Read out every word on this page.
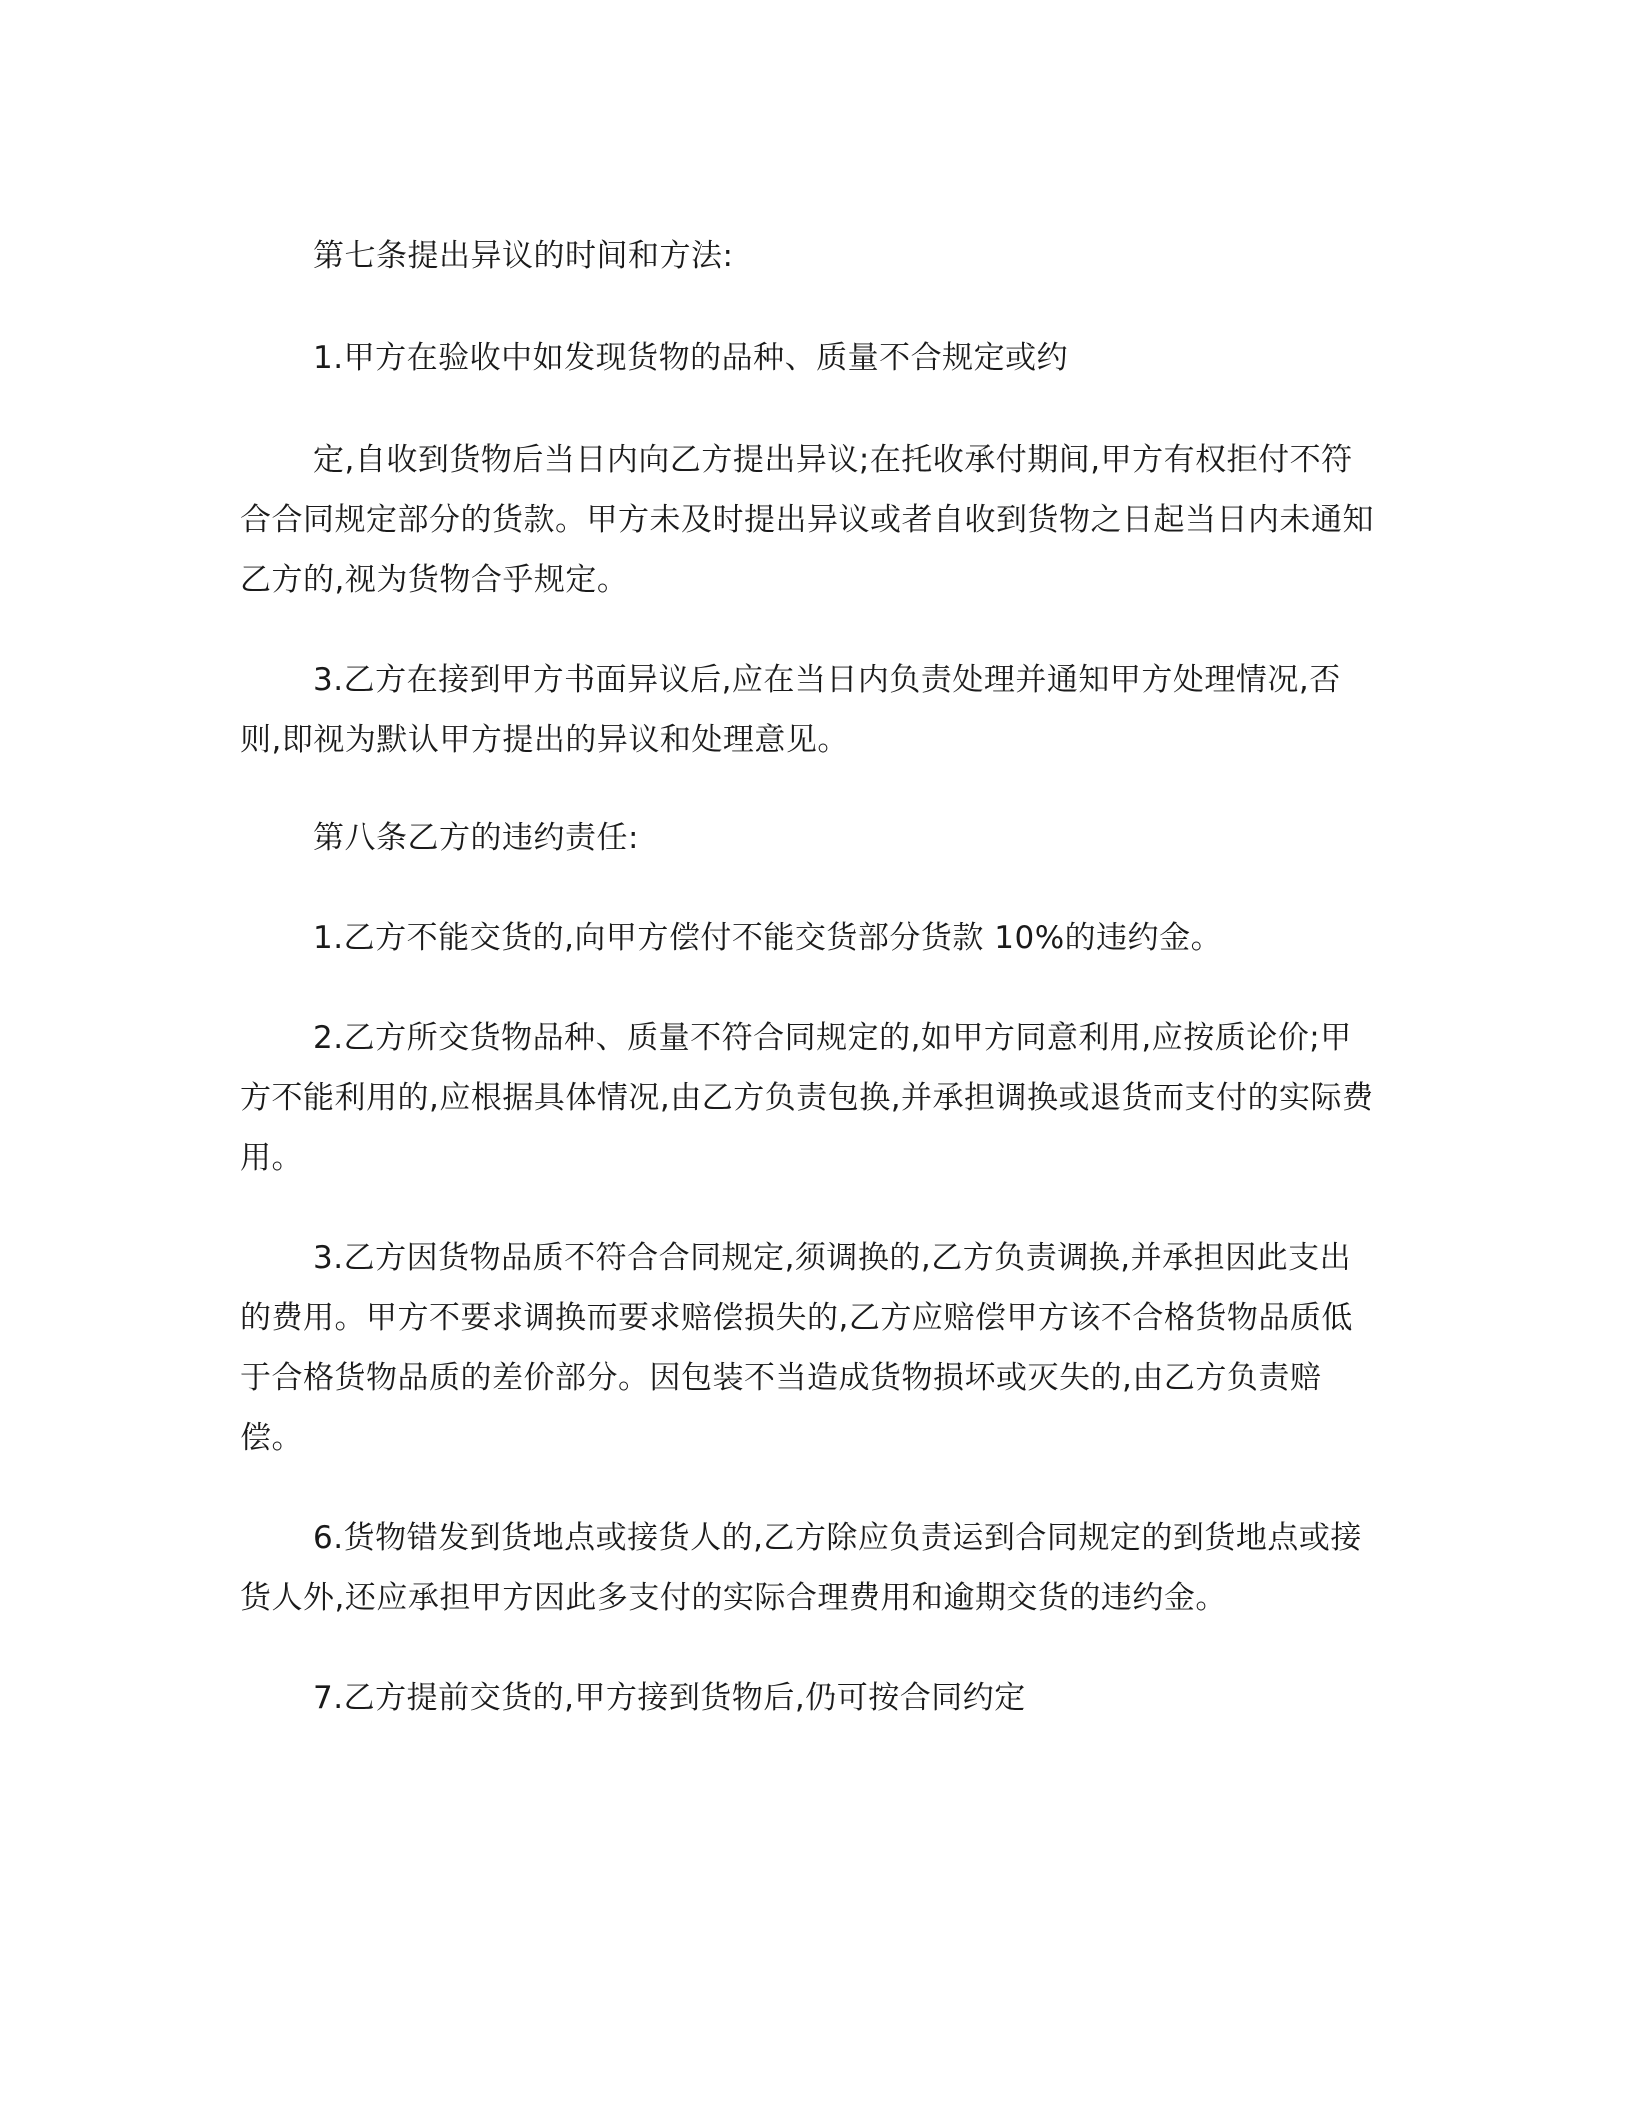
第七条提出异议的时间和方法:
1.甲方在验收中如发现货物的品种、质量不合规定或约
定,自收到货物后当日内向乙方提出异议;在托收承付期间,甲方有权拒付不符
合合同规定部分的货款。甲方未及时提出异议或者自收到货物之日起当日内未通知
乙方的,视为货物合乎规定。
3.乙方在接到甲方书面异议后,应在当日内负责处理并通知甲方处理情况,否
则,即视为默认甲方提出的异议和处理意见。
第八条乙方的违约责任:
1.乙方不能交货的,向甲方偿付不能交货部分货款 10%的违约金。
2.乙方所交货物品种、质量不符合同规定的,如甲方同意利用,应按质论价;甲
方不能利用的,应根据具体情况,由乙方负责包换,并承担调换或退货而支付的实际费
用。
3.乙方因货物品质不符合合同规定,须调换的,乙方负责调换,并承担因此支出
的费用。甲方不要求调换而要求赔偿损失的,乙方应赔偿甲方该不合格货物品质低
于合格货物品质的差价部分。因包装不当造成货物损坏或灭失的,由乙方负责赔
偿。
6.货物错发到货地点或接货人的,乙方除应负责运到合同规定的到货地点或接
货人外,还应承担甲方因此多支付的实际合理费用和逾期交货的违约金。
7.乙方提前交货的,甲方接到货物后,仍可按合同约定
